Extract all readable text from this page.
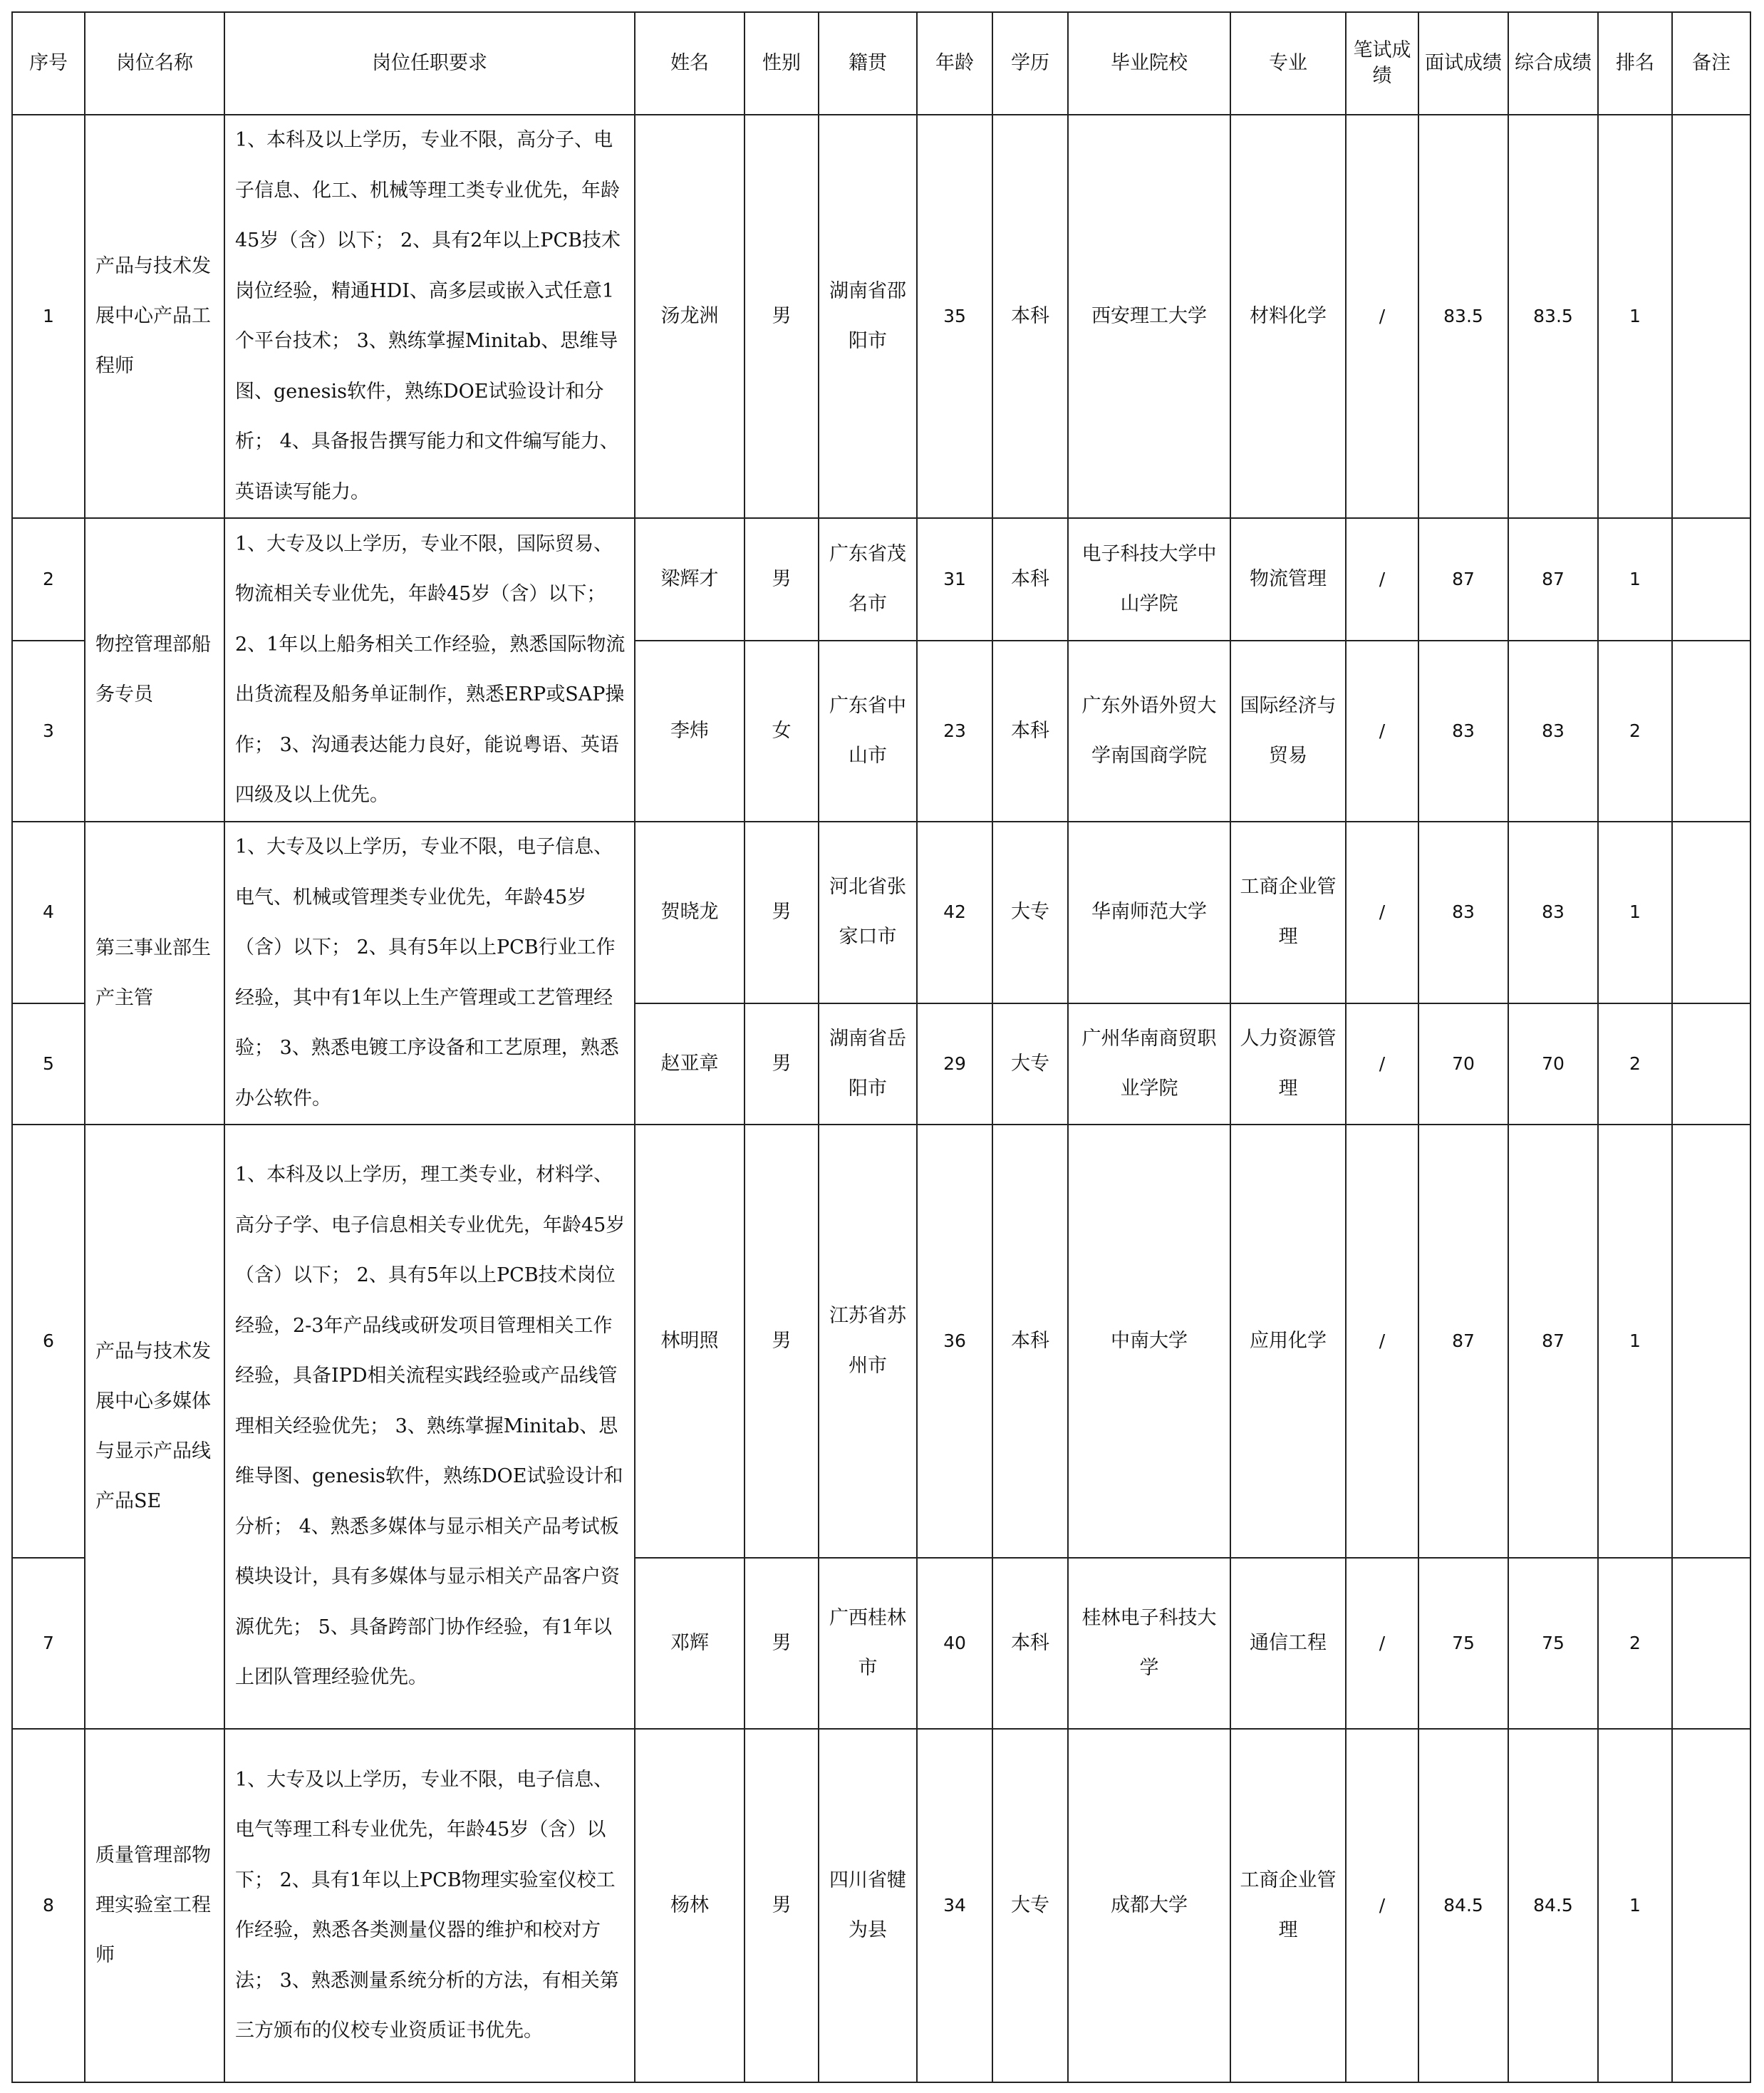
序号	岗位名称	岗位任职要求	姓名	性别	籍贯	年龄	学历	毕业院校	专业	笔试成绩	面试成绩	综合成绩	排名	备注
1	产品与技术发展中心产品工程师	1、本科及以上学历，专业不限，高分子、电子信息、化工、机械等理工类专业优先，年龄45岁（含）以下； 2、具有2年以上PCB技术岗位经验，精通HDI、高多层或嵌入式任意1个平台技术； 3、熟练掌握Minitab、思维导图、genesis软件，熟练DOE试验设计和分析； 4、具备报告撰写能力和文件编写能力、英语读写能力。	汤龙洲	男	湖南省邵阳市	35	本科	西安理工大学	材料化学	/	83.5	83.5	1	
2	物控管理部船务专员	1、大专及以上学历，专业不限，国际贸易、物流相关专业优先，年龄45岁（含）以下； 2、1年以上船务相关工作经验，熟悉国际物流出货流程及船务单证制作，熟悉ERP或SAP操作； 3、沟通表达能力良好，能说粤语、英语四级及以上优先。	梁辉才	男	广东省茂名市	31	本科	电子科技大学中山学院	物流管理	/	87	87	1	
3			李炜	女	广东省中山市	23	本科	广东外语外贸大学南国商学院	国际经济与贸易	/	83	83	2	
4	第三事业部生产主管	1、大专及以上学历，专业不限，电子信息、电气、机械或管理类专业优先，年龄45岁（含）以下； 2、具有5年以上PCB行业工作经验，其中有1年以上生产管理或工艺管理经验； 3、熟悉电镀工序设备和工艺原理，熟悉办公软件。	贺晓龙	男	河北省张家口市	42	大专	华南师范大学	工商企业管理	/	83	83	1	
5			赵亚章	男	湖南省岳阳市	29	大专	广州华南商贸职业学院	人力资源管理	/	70	70	2	
6	产品与技术发展中心多媒体与显示产品线产品SE	1、本科及以上学历，理工类专业，材料学、高分子学、电子信息相关专业优先，年龄45岁（含）以下； 2、具有5年以上PCB技术岗位经验，2-3年产品线或研发项目管理相关工作经验，具备IPD相关流程实践经验或产品线管理相关经验优先； 3、熟练掌握Minitab、思维导图、genesis软件，熟练DOE试验设计和分析； 4、熟悉多媒体与显示相关产品考试板模块设计，具有多媒体与显示相关产品客户资源优先； 5、具备跨部门协作经验，有1年以上团队管理经验优先。	林明照	男	江苏省苏州市	36	本科	中南大学	应用化学	/	87	87	1	
7			邓辉	男	广西桂林市	40	本科	桂林电子科技大学	通信工程	/	75	75	2	
8	质量管理部物理实验室工程师	1、大专及以上学历，专业不限，电子信息、电气等理工科专业优先，年龄45岁（含）以下； 2、具有1年以上PCB物理实验室仪校工作经验，熟悉各类测量仪器的维护和校对方法； 3、熟悉测量系统分析的方法，有相关第三方颁布的仪校专业资质证书优先。	杨林	男	四川省犍为县	34	大专	成都大学	工商企业管理	/	84.5	84.5	1	
